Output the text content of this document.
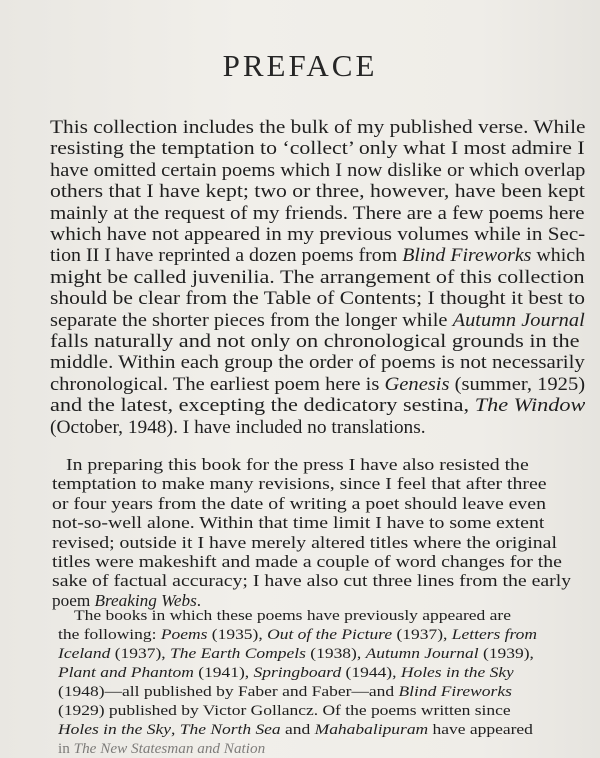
PREFACE
This collection includes the bulk of my published verse. While
resisting the temptation to ‘collect’ only what I most admire I
have omitted certain poems which I now dislike or which overlap
others that I have kept; two or three, however, have been kept
mainly at the request of my friends. There are a few poems here
which have not appeared in my previous volumes while in Sec-
tion II I have reprinted a dozen poems from Blind Fireworks which
might be called juvenilia. The arrangement of this collection
should be clear from the Table of Contents; I thought it best to
separate the shorter pieces from the longer while Autumn Journal
falls naturally and not only on chronological grounds in the
middle. Within each group the order of poems is not necessarily
chronological. The earliest poem here is Genesis (summer, 1925)
and the latest, excepting the dedicatory sestina, The Window
(October, 1948). I have included no translations.
In preparing this book for the press I have also resisted the
temptation to make many revisions, since I feel that after three
or four years from the date of writing a poet should leave even
not-so-well alone. Within that time limit I have to some extent
revised; outside it I have merely altered titles where the original
titles were makeshift and made a couple of word changes for the
sake of factual accuracy; I have also cut three lines from the early
poem Breaking Webs.
The books in which these poems have previously appeared are
the following: Poems (1935), Out of the Picture (1937), Letters from
Iceland (1937), The Earth Compels (1938), Autumn Journal (1939),
Plant and Phantom (1941), Springboard (1944), Holes in the Sky
(1948)—all published by Faber and Faber—and Blind Fireworks
(1929) published by Victor Gollancz. Of the poems written since
Holes in the Sky, The North Sea and Mahabalipuram have appeared
in The New Statesman and Nation
